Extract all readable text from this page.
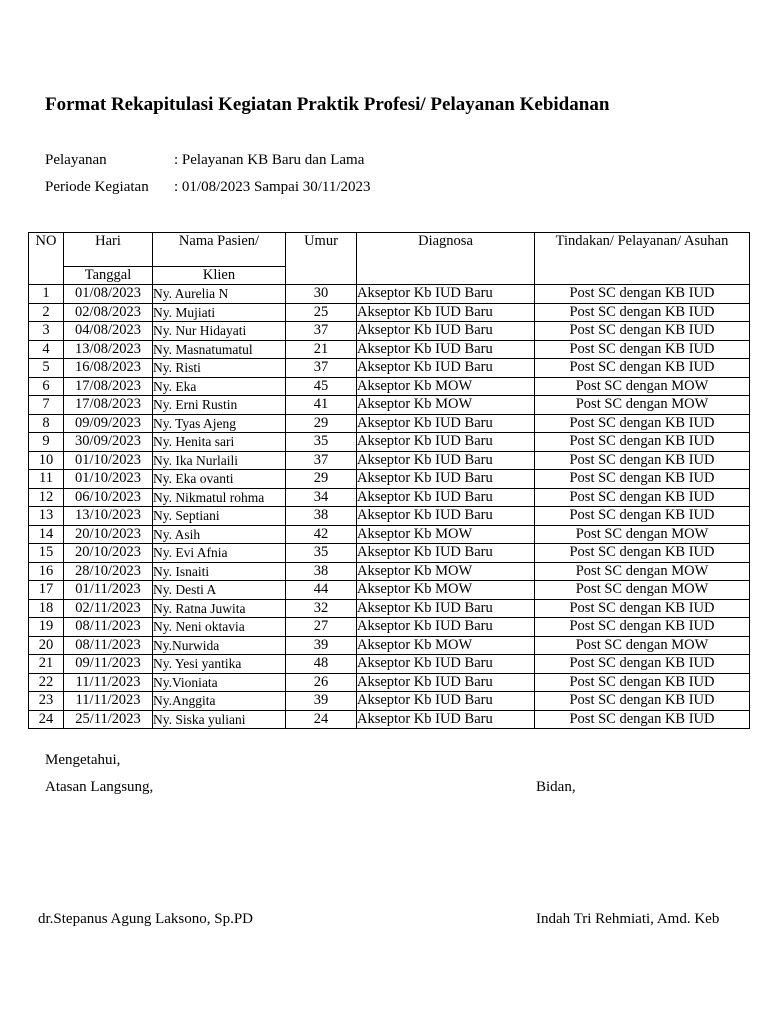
Format Rekapitulasi Kegiatan Praktik Profesi/ Pelayanan Kebidanan
Pelayanan	: Pelayanan KB Baru dan Lama
Periode Kegiatan : 01/08/2023 Sampai 30/11/2023
NO	Hari	Nama Pasien/	Umur	Diagnosa	Tindakan/ Pelayanan/ Asuhan
	Tanggal	Klien			
1	01/08/2023	Ny. Aurelia N	30	Akseptor Kb IUD Baru	Post SC dengan KB IUD
2	02/08/2023	Ny. Mujiati	25	Akseptor Kb IUD Baru	Post SC dengan KB IUD
3	04/08/2023	Ny. Nur Hidayati	37	Akseptor Kb IUD Baru	Post SC dengan KB IUD
4	13/08/2023	Ny. Masnatumatul	21	Akseptor Kb IUD Baru	Post SC dengan KB IUD
5	16/08/2023	Ny. Risti	37	Akseptor Kb IUD Baru	Post SC dengan KB IUD
6	17/08/2023	Ny. Eka	45	Akseptor Kb MOW	Post SC dengan MOW
7	17/08/2023	Ny. Erni Rustin	41	Akseptor Kb MOW	Post SC dengan MOW
8	09/09/2023	Ny. Tyas Ajeng	29	Akseptor Kb IUD Baru	Post SC dengan KB IUD
9	30/09/2023	Ny. Henita sari	35	Akseptor Kb IUD Baru	Post SC dengan KB IUD
10	01/10/2023	Ny. Ika Nurlaili	37	Akseptor Kb IUD Baru	Post SC dengan KB IUD
11	01/10/2023	Ny. Eka ovanti	29	Akseptor Kb IUD Baru	Post SC dengan KB IUD
12	06/10/2023	Ny. Nikmatul rohma	34	Akseptor Kb IUD Baru	Post SC dengan KB IUD
13	13/10/2023	Ny. Septiani	38	Akseptor Kb IUD Baru	Post SC dengan KB IUD
14	20/10/2023	Ny. Asih	42	Akseptor Kb MOW	Post SC dengan MOW
15	20/10/2023	Ny. Evi Afnia	35	Akseptor Kb IUD Baru	Post SC dengan KB IUD
16	28/10/2023	Ny. Isnaiti	38	Akseptor Kb MOW	Post SC dengan MOW
17	01/11/2023	Ny. Desti A	44	Akseptor Kb MOW	Post SC dengan MOW
18	02/11/2023	Ny. Ratna Juwita	32	Akseptor Kb IUD Baru	Post SC dengan KB IUD
19	08/11/2023	Ny. Neni oktavia	27	Akseptor Kb IUD Baru	Post SC dengan KB IUD
20	08/11/2023	Ny.Nurwida	39	Akseptor Kb MOW	Post SC dengan MOW
21	09/11/2023	Ny. Yesi yantika	48	Akseptor Kb IUD Baru	Post SC dengan KB IUD
22	11/11/2023	Ny.Vioniata	26	Akseptor Kb IUD Baru	Post SC dengan KB IUD
23	11/11/2023	Ny.Anggita	39	Akseptor Kb IUD Baru	Post SC dengan KB IUD
24	25/11/2023	Ny. Siska yuliani	24	Akseptor Kb IUD Baru	Post SC dengan KB IUD
Mengetahui,
Atasan Langsung,	Bidan,
dr.Stepanus Agung Laksono, Sp.PD	Indah Tri Rehmiati, Amd. Keb
